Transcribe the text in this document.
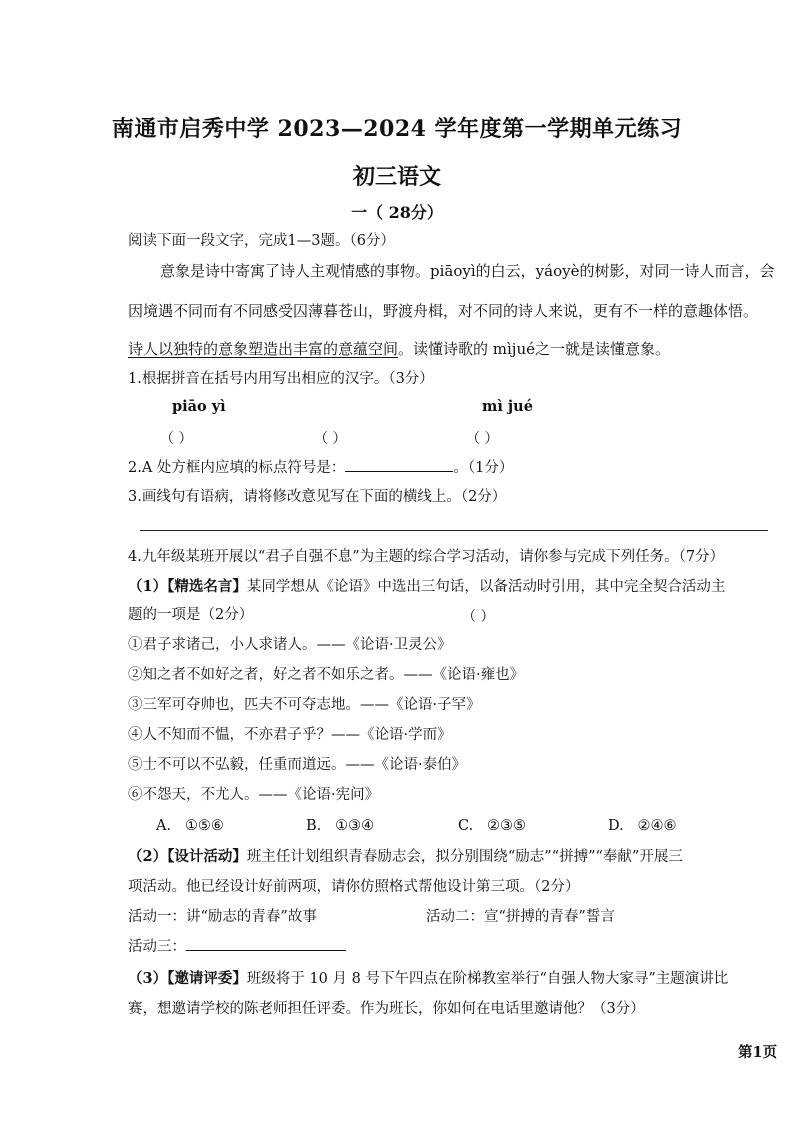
南通市启秀中学 2023—2024 学年度第一学期单元练习
初三语文
一（ 28分）
阅读下面一段文字，完成1—3题。（6分）
意象是诗中寄寓了诗人主观情感的事物。piāoyì的白云，yáoyè的树影，对同一诗人而言，会
因境遇不同而有不同感受囚薄暮苍山，野渡舟楫，对不同的诗人来说，更有不一样的意趣体悟。
诗人以独特的意象塑造出丰富的意蕴空间。读懂诗歌的 mìjué之一就是读懂意象。
1.根据拼音在括号内用写出相应的汉字。（3分）
piāo yì	mì jué
（ ）	（ ）	（ ）
2.A 处方框内应填的标点符号是：	。（1分）
3.画线句有语病，请将修改意见写在下面的横线上。（2分）
4.九年级某班开展以“君子自强不息”为主题的综合学习活动，请你参与完成下列任务。（7分）
（1）【精选名言】某同学想从《论语》中选出三句话，以备活动时引用，其中完全契合活动主
题的一项是（2分）	（ ）
①君子求诸己，小人求诸人。——《论语·卫灵公》
②知之者不如好之者，好之者不如乐之者。——《论语·雍也》
③三军可夺帅也，匹夫不可夺志地。——《论语·子罕》
④人不知而不愠，不亦君子乎？——《论语·学而》
⑤士不可以不弘毅，任重而道远。——《论语·泰伯》
⑥不怨天，不尤人。——《论语·宪问》
A. ①⑤⑥	B. ①③④	C. ②③⑤	D. ②④⑥
（2）【设计活动】班主任计划组织青春励志会，拟分别围绕“励志”“拼搏”“奉献”开展三
项活动。他已经设计好前两项，请你仿照格式帮他设计第三项。（2分）
活动一：讲“励志的青春”故事	活动二：宣“拼搏的青春”誓言
活动三：
（3）【邀请评委】班级将于 10 月 8 号下午四点在阶梯教室举行“自强人物大家寻”主题演讲比
赛，想邀请学校的陈老师担任评委。作为班长，你如何在电话里邀请他？（3分）
第1页
